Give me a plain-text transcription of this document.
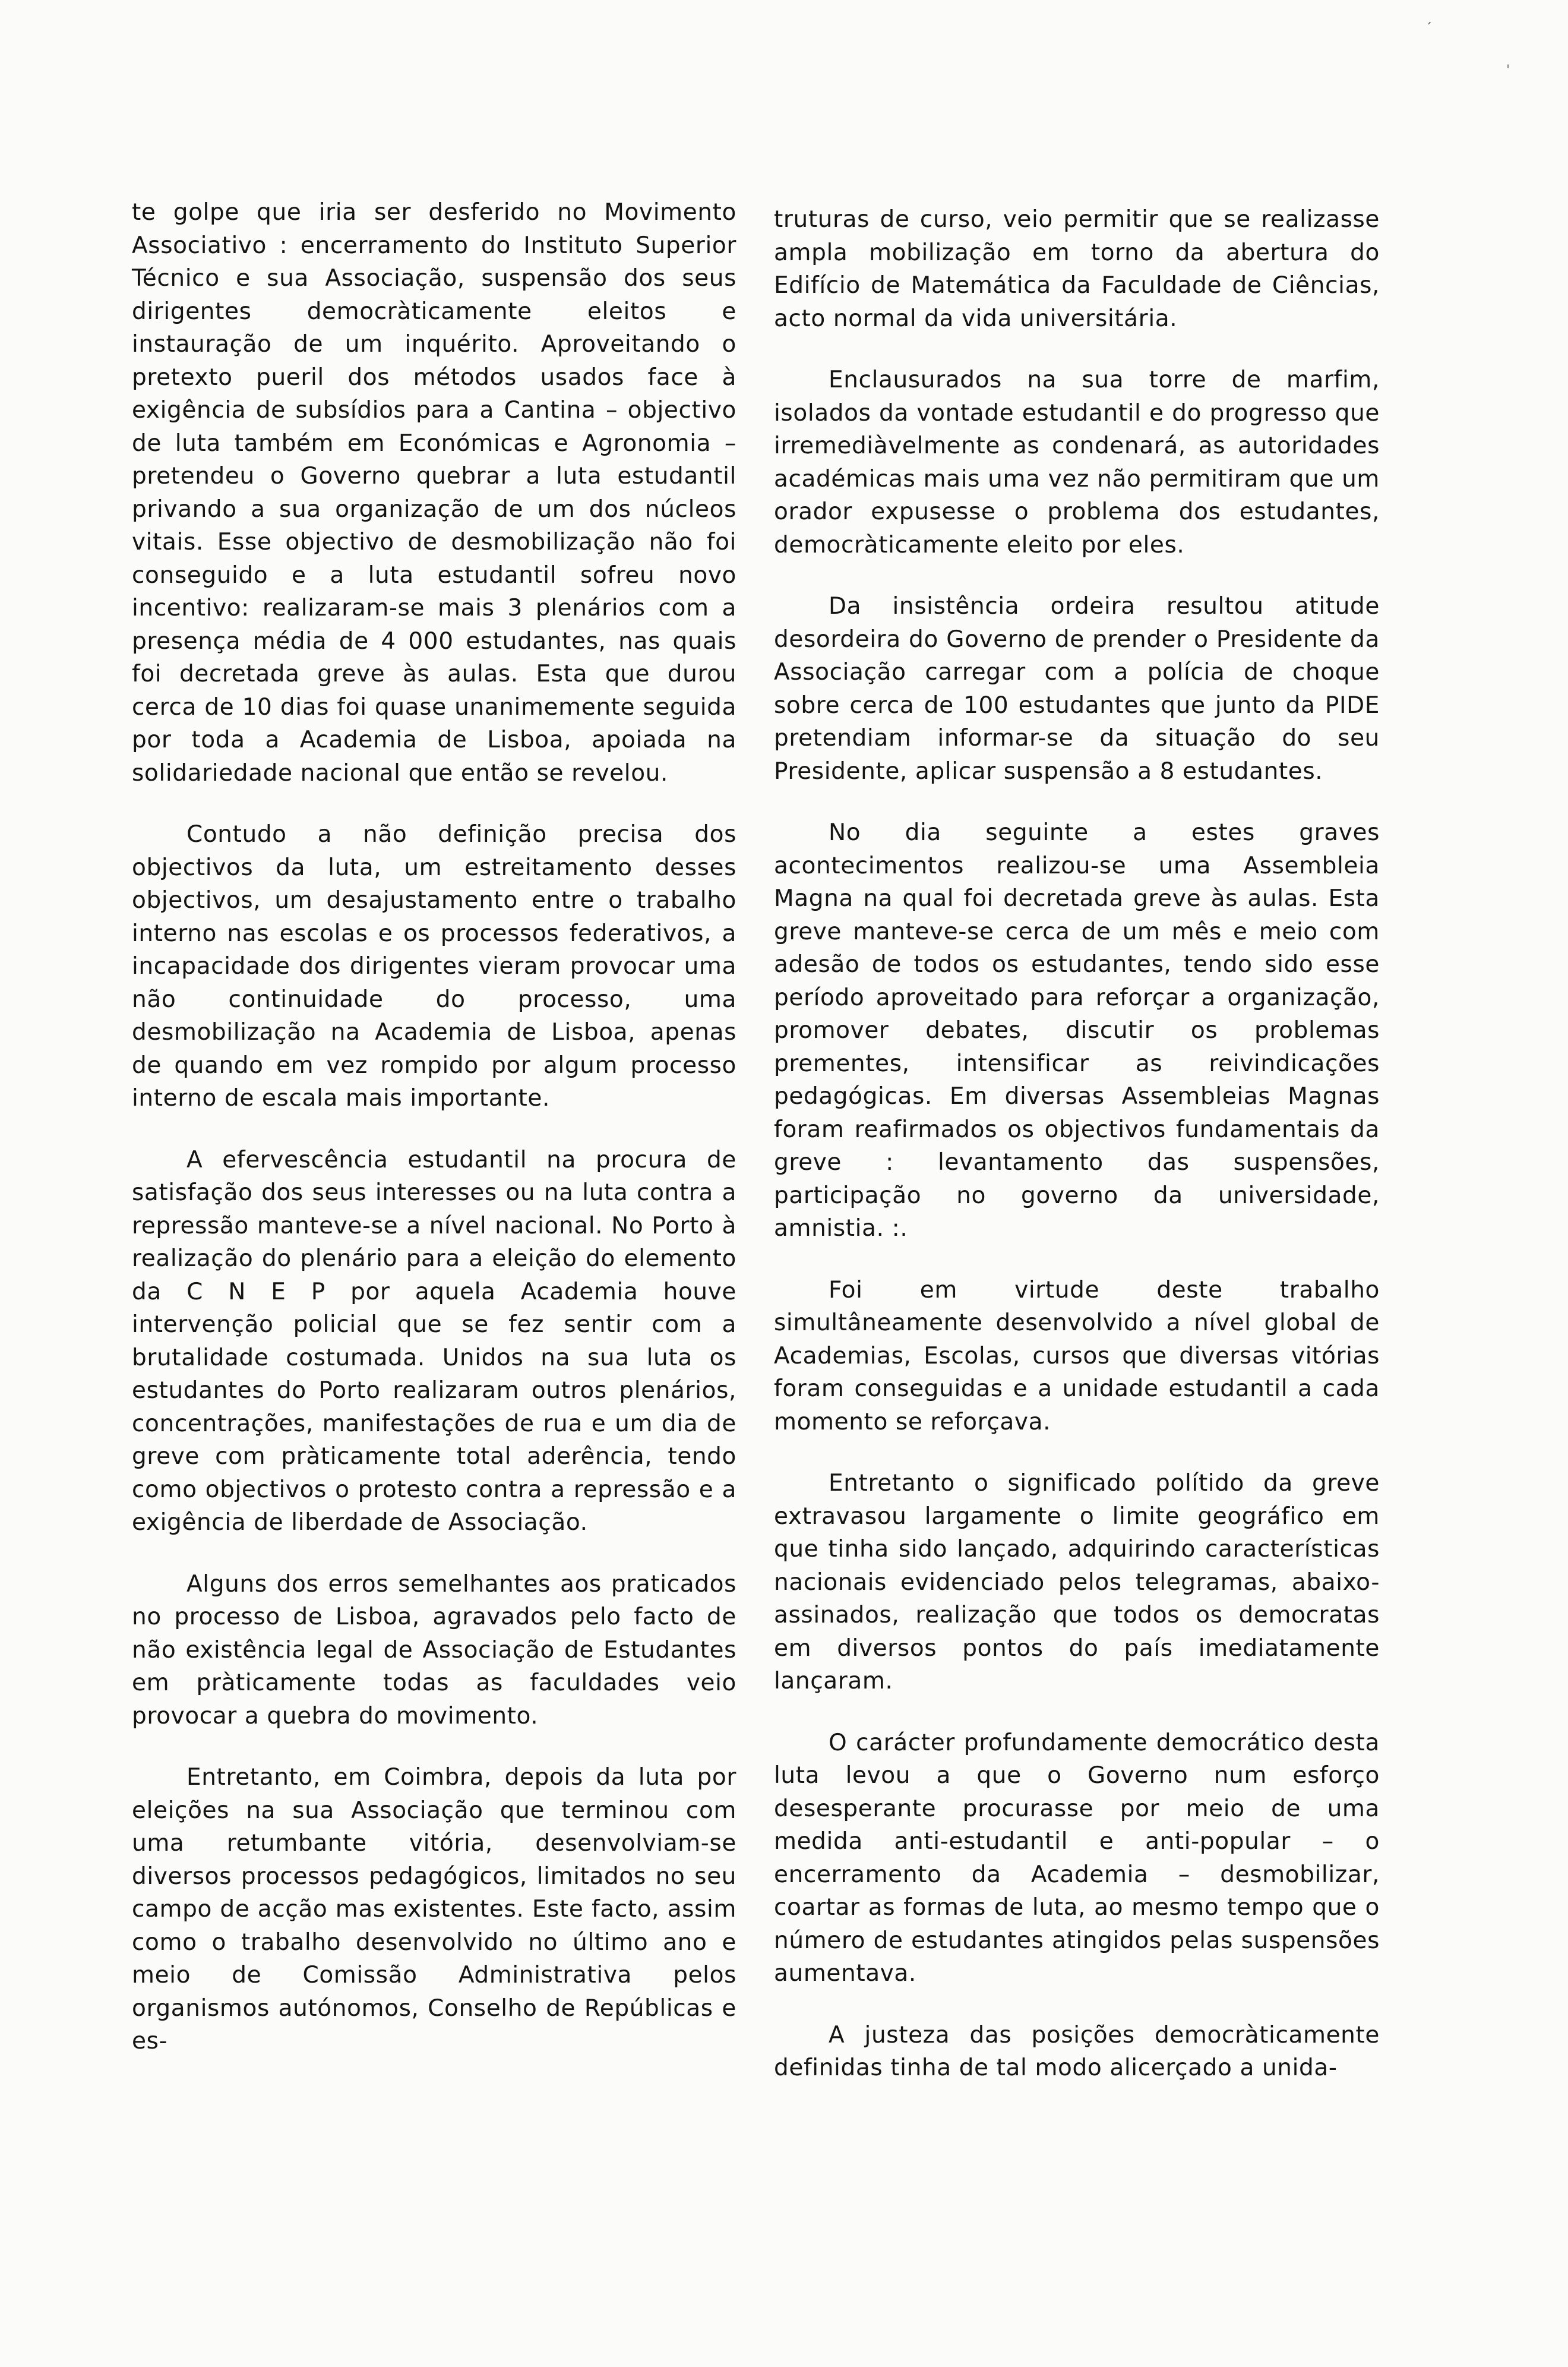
´
ˌ

te golpe que iria ser desferido no Movimento Associativo : encerramento do Instituto Superior Técnico e sua Associação, suspensão dos seus dirigentes democràticamente eleitos e instauração de um inquérito. Aproveitando o pretexto pueril dos métodos usados face à exigência de subsídios para a Cantina – objectivo de luta também em Económicas e Agronomia – pretendeu o Governo quebrar a luta estudantil privando a sua organização de um dos núcleos vitais. Esse objectivo de desmobilização não foi conseguido e a luta estudantil sofreu novo incentivo: realizaram-se mais 3 plenários com a presença média de 4 000 estudantes, nas quais foi decretada greve às aulas. Esta que durou cerca de 10 dias foi quase unanimemente seguida por toda a Academia de Lisboa, apoiada na solidariedade nacional que então se revelou.

Contudo a não definição precisa dos objectivos da luta, um estreitamento desses objectivos, um desajustamento entre o trabalho interno nas escolas e os processos federativos, a incapacidade dos dirigentes vieram provocar uma não continuidade do processo, uma desmobilização na Academia de Lisboa, apenas de quando em vez rompido por algum processo interno de escala mais importante.

A efervescência estudantil na procura de satisfação dos seus interesses ou na luta contra a repressão manteve-se a nível nacional. No Porto à realização do plenário para a eleição do elemento da C N E P por aquela Academia houve intervenção policial que se fez sentir com a brutalidade costumada. Unidos na sua luta os estudantes do Porto realizaram outros plenários, concentrações, manifestações de rua e um dia de greve com pràticamente total aderência, tendo como objectivos o protesto contra a repressão e a exigência de liberdade de Associação.

Alguns dos erros semelhantes aos praticados no processo de Lisboa, agravados pelo facto de não existência legal de Associação de Estudantes em pràticamente todas as faculdades veio provocar a quebra do movimento.

Entretanto, em Coimbra, depois da luta por eleições na sua Associação que terminou com uma retumbante vitória, desenvolviam-se diversos processos pedagógicos, limitados no seu campo de acção mas existentes. Este facto, assim como o trabalho desenvolvido no último ano e meio de Comissão Administrativa pelos organismos autónomos, Conselho de Repúblicas e es-

truturas de curso, veio permitir que se realizasse ampla mobilização em torno da abertura do Edifício de Matemática da Faculdade de Ciências, acto normal da vida universitária.

Enclausurados na sua torre de marfim, isolados da vontade estudantil e do progresso que irremediàvelmente as condenará, as autoridades académicas mais uma vez não permitiram que um orador expusesse o problema dos estudantes, democràticamente eleito por eles.

Da insistência ordeira resultou atitude desordeira do Governo de prender o Presidente da Associação carregar com a polícia de choque sobre cerca de 100 estudantes que junto da PIDE pretendiam informar-se da situação do seu Presidente, aplicar suspensão a 8 estudantes.

No dia seguinte a estes graves acontecimentos realizou-se uma Assembleia Magna na qual foi decretada greve às aulas. Esta greve manteve-se cerca de um mês e meio com adesão de todos os estudantes, tendo sido esse período aproveitado para reforçar a organização, promover debates, discutir os problemas prementes, intensificar as reivindicações pedagógicas. Em diversas Assembleias Magnas foram reafirmados os objectivos fundamentais da greve : levantamento das suspensões, participação no governo da universidade, amnistia. :.

Foi em virtude deste trabalho simultâneamente desenvolvido a nível global de Academias, Escolas, cursos que diversas vitórias foram conseguidas e a unidade estudantil a cada momento se reforçava.

Entretanto o significado polítido da greve extravasou largamente o limite geográfico em que tinha sido lançado, adquirindo características nacionais evidenciado pelos telegramas, abaixo-assinados, realização que todos os democratas em diversos pontos do país imediatamente lançaram.

O carácter profundamente democrático desta luta levou a que o Governo num esforço desesperante procurasse por meio de uma medida anti-estudantil e anti-popular – o encerramento da Academia – desmobilizar, coartar as formas de luta, ao mesmo tempo que o número de estudantes atingidos pelas suspensões aumentava.

A justeza das posições democràticamente definidas tinha de tal modo alicerçado a unida-
